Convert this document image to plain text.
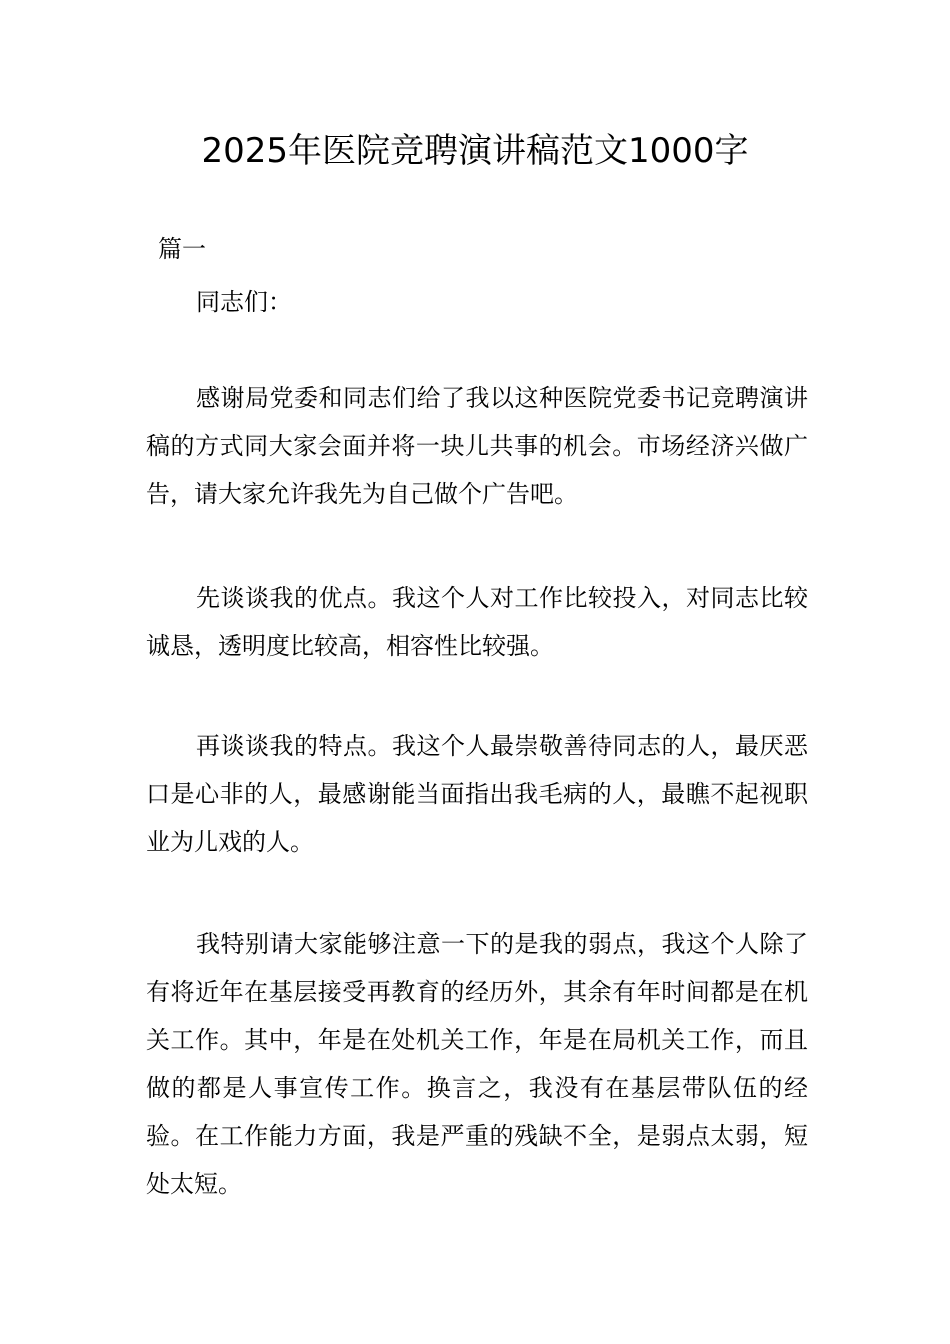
2025年医院竞聘演讲稿范文1000字
篇一

同志们：

感谢局党委和同志们给了我以这种医院党委书记竞聘演讲稿的方式同大家会面并将一块儿共事的机会。市场经济兴做广告，请大家允许我先为自己做个广告吧。

先谈谈我的优点。我这个人对工作比较投入，对同志比较诚恳，透明度比较高，相容性比较强。

再谈谈我的特点。我这个人最崇敬善待同志的人，最厌恶口是心非的人，最感谢能当面指出我毛病的人，最瞧不起视职业为儿戏的人。

我特别请大家能够注意一下的是我的弱点，我这个人除了有将近年在基层接受再教育的经历外，其余有年时间都是在机关工作。其中，年是在处机关工作，年是在局机关工作，而且做的都是人事宣传工作。换言之，我没有在基层带队伍的经验。在工作能力方面，我是严重的残缺不全，是弱点太弱，短处太短。
